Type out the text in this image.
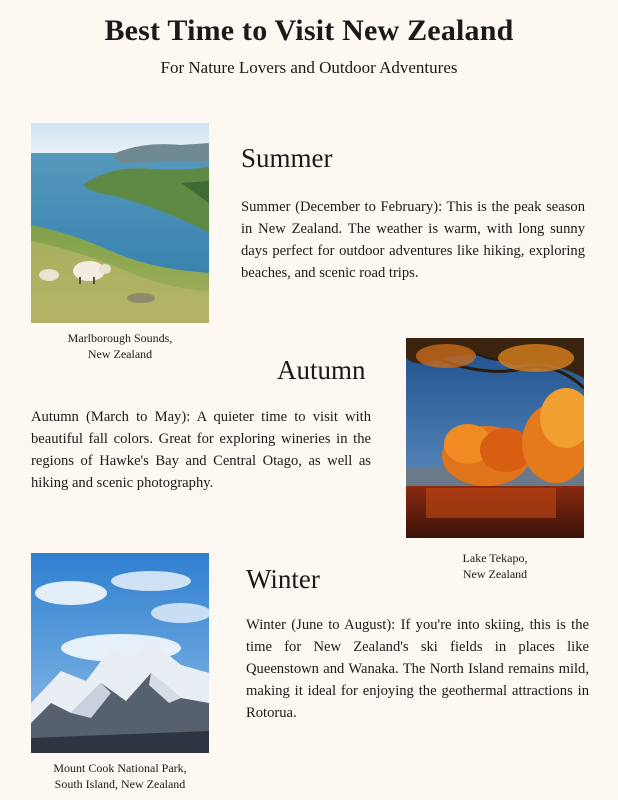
Best Time to Visit New Zealand
For Nature Lovers and Outdoor Adventures
Marlborough Sounds,
New Zealand
Summer
Summer (December to February): This is the peak season in New Zealand. The weather is warm, with long sunny days perfect for outdoor adventures like hiking, exploring beaches, and scenic road trips.
Autumn
Autumn (March to May): A quieter time to visit with beautiful fall colors. Great for exploring wineries in the regions of Hawke's Bay and Central Otago, as well as hiking and scenic photography.
Lake Tekapo,
New Zealand
Mount Cook National Park,
South Island, New Zealand
Winter
Winter (June to August): If you're into skiing, this is the time for New Zealand's ski fields in places like Queenstown and Wanaka. The North Island remains mild, making it ideal for enjoying the geothermal attractions in Rotorua.
